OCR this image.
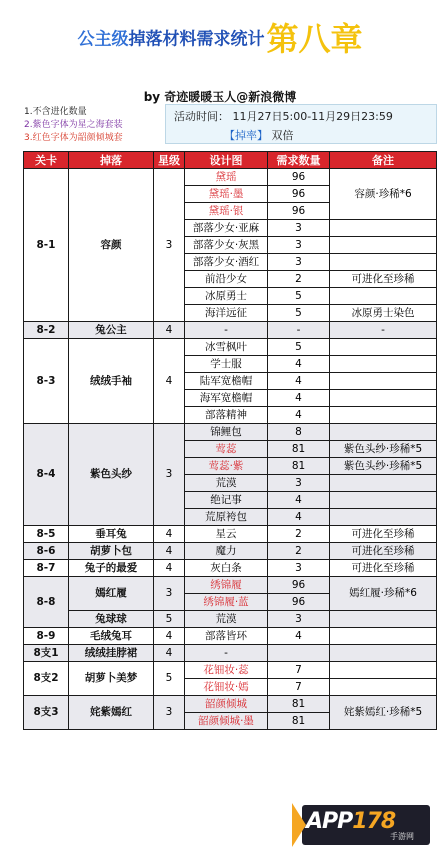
公主级掉落材料需求统计第八章
by 奇迹暖暖玉人@新浪微博
1.不含进化数量
2.紫色字体为星之海套装
3.红色字体为韶颜倾城套
活动时间： 11月27日5:00-11月29日23:59
【掉率】 双倍
关卡	掉落	星级	设计图	需求数量	备注
8-1	容颜	3	黛瑶	96	容颜·珍稀*6
			黛瑶·墨	96	
			黛瑶·银	96	
			部落少女·亚麻	3	
			部落少女·灰黑	3	
			部落少女·酒红	3	
			前沿少女	2	可进化至珍稀
			冰原勇士	5	
			海洋远征	5	冰原勇士染色
8-2	兔公主	4	-	-	-
8-3	绒绒手袖	4	冰雪枫叶	5	
			学士服	4	
			陆军宽檐帽	4	
			海军宽檐帽	4	
			部落精神	4	
8-4	紫色头纱	3	锦鲤包	8	
			莺蕊	81	紫色头纱·珍稀*5
			莺蕊·紫	81	紫色头纱·珍稀*5
			荒漠	3	
			绝记事	4	
			荒原袴包	4	
8-5	垂耳兔	4	星云	2	可进化至珍稀
8-6	胡萝卜包	4	魔力	2	可进化至珍稀
8-7	兔子的最爱	4	灰白条	3	可进化至珍稀
8-8	嫣红履	3	绣锦履	96	嫣红履·珍稀*6
			绣锦履·蓝	96	
	兔球球	5	荒漠	3	
8-9	毛绒兔耳	4	部落皆环	4	
8支1	绒绒挂脖裙	4	-		
8支2	胡萝卜美梦	5	花钿妆·蕊	7	
			花钿妆·嫣	7	
8支3	姹紫嫣红	3	韶颜倾城	81	姹紫嫣红·珍稀*5
			韶颜倾城·墨	81	
APP178
手游网
